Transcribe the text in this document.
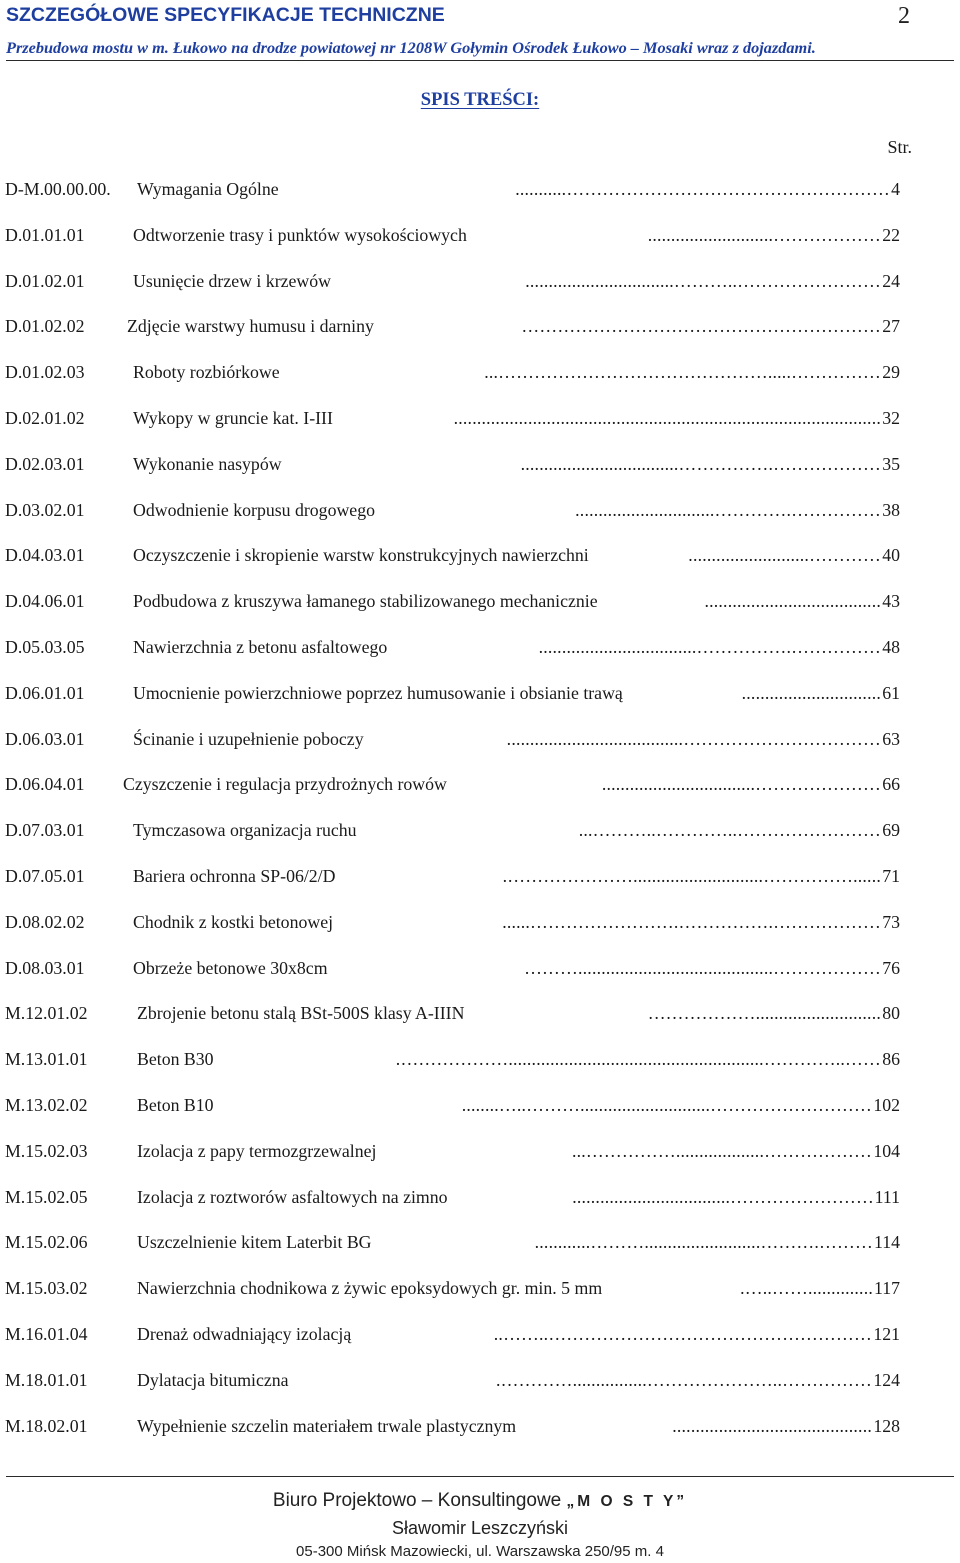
SZCZEGÓŁOWE SPECYFIKACJE TECHNICZNE	2
Przebudowa mostu w m. Łukowo na drodze powiatowej nr 1208W Gołymin Ośrodek Łukowo – Mosaki wraz z dojazdami.
SPIS TREŚCI:
Str.
D-M.00.00.00. Wymagania Ogólne	………………………………………………........... 4
D.01.01.01	Odtworzenie trasy i punktów wysokościowych	………………........................... 22
D.01.02.01	Usunięcie drzew i krzewów	……………………..………................................ 24
D.01.02.02 Zdjęcie warstwy humusu i darniny	…………………………………………………… 27
D.01.02.03	Roboty rozbiórkowe	…………….....………………………………………... 29
D.02.01.02	Wykopy w gruncie kat. I-III	............................................................................................ 32
D.02.03.01	Wykonanie nasypów	……………….…………….................................. 35
D.03.02.01	Odwodnienie korpusu drogowego	…………….………….............................. 38
D.04.03.01	Oczyszczenie i skropienie warstw konstrukcyjnych nawierzchni	………….......................... 40
D.04.06.01	Podbudowa z kruszywa łamanego stabilizowanego mechanicznie	...................................... 43
D.05.03.05	Nawierzchnia z betonu asfaltowego	…………….…………….................................. 48
D.06.01.01	Umocnienie powierzchniowe poprzez humusowanie i obsianie trawą	.............................. 61
D.06.03.01	Ścinanie i uzupełnienie poboczy	……………………………...................................... 63
D.06.04.01 Czyszczenie i regulacja przydrożnych rowów	…………………................................. 66
D.07.03.01	Tymczasowa organizacja ruchu	……………………..…………..………... 69
D.07.05.01	Bariera ochronna SP-06/2/D	......……………............................…………………. 71
D.08.02.02	Chodnik z kostki betonowej	……………….…………….……………………...... 73
D.08.03.01	Obrzeże betonowe 30x8cm	………………..........................................……… 76
M.12.01.02	Zbrojenie betonu stalą BSt-500S klasy A-IIIN	...........................……………… 80
M.13.01.01	Beton B30	……..………….......................................................………………. 86
M.13.02.02	Beton B10	………………………............................………..…........ 102
M.15.02.03	Izolacja z papy termozgrzewalnej	………………...................……………... 104
M.15.02.05	Izolacja z roztworów asfaltowych na zimno	…………………….................................. 111
M.15.02.06	Uszczelnienie kitem Laterbit BG	……….……….........................………............ 114
M.15.03.02	Nawierzchnia chodnikowa z żywic epoksydowych gr. min. 5 mm	..............……..…. 117
M.16.01.04	Drenaż odwadniający izolacją	………………………………………………..…….. 121
M.18.01.01	Dylatacja bitumiczna	……………..…………………................…………. 124
M.18.02.01	Wypełnienie szczelin materiałem trwale plastycznym	........................................... 128
Biuro Projektowo – Konsultingowe „M O S T Y”
Sławomir Leszczyński
05-300 Mińsk Mazowiecki, ul. Warszawska 250/95 m. 4
